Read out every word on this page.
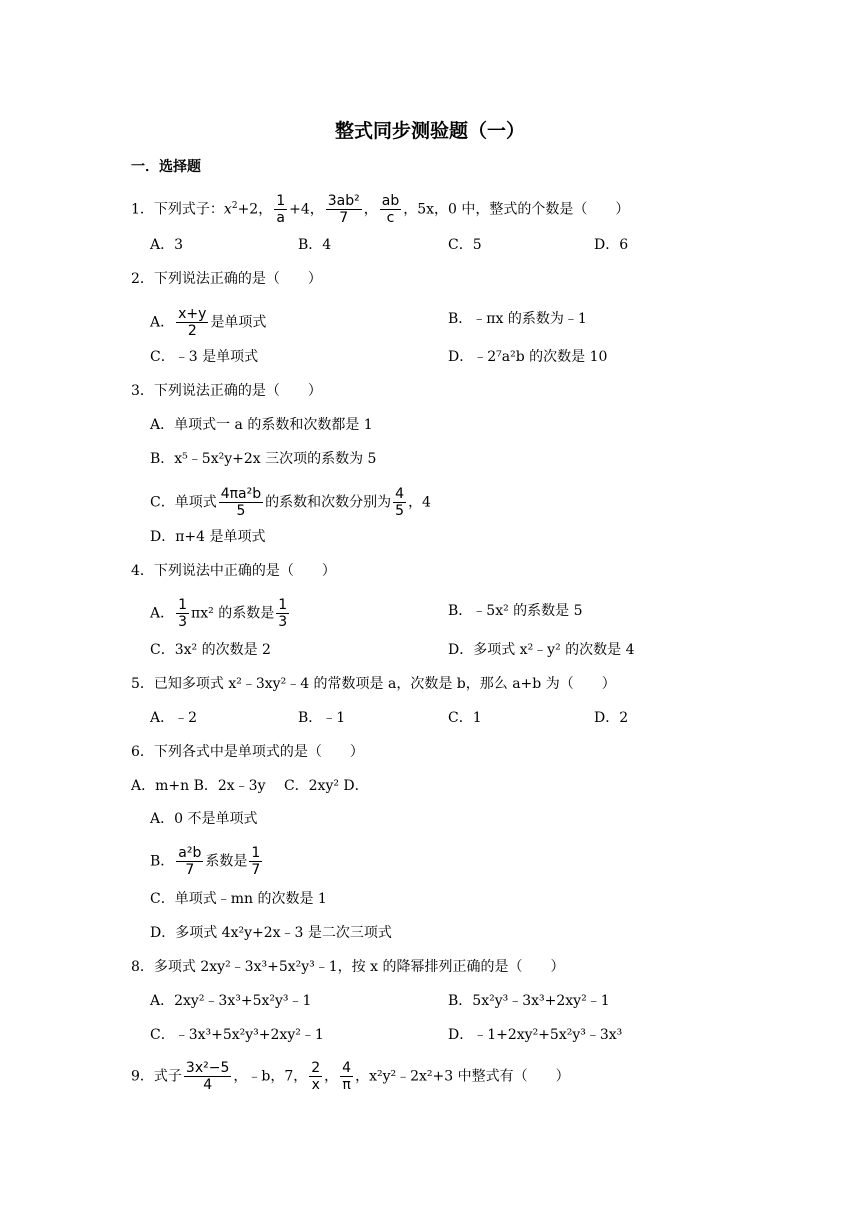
整式同步测验题（一）
一．选择题
1．下列式子：$x^2+2$， $\frac{1}{a} +4$， $\frac{\text{3ab²}}{7}$ ， $\frac{ab}{c}$ ，5x，0 中，整式的个数是（　　）
A．3	B．4	C．5	D．6
2．下列说法正确的是（　　）
A． $\frac{x+y}{2}$ 是单项式	B．﹣πx 的系数为﹣1
C．﹣3 是单项式	D．﹣2⁷a²b 的次数是 10
3．下列说法正确的是（　　）
A．单项式一 a 的系数和次数都是 1
B．x⁵﹣5x²y+2x 三次项的系数为 5
C．单项式 $\frac{\text{4πa²b}}{5}$ 的系数和次数分别为 $\frac{4}{5}$ ，4
D．π+4 是单项式
4．下列说法中正确的是（　　）
A． $\frac{1}{3} \pi x^2$ 的系数是 $\frac{1}{3}$	B．﹣5x² 的系数是 5
C．3x² 的次数是 2	D．多项式 x²﹣y² 的次数是 4
5．已知多项式 x²﹣3xy²﹣4 的常数项是 a，次数是 b，那么 a+b 为（　　）
A．﹣2	B．﹣1	C．1	D．2
6．下列各式中是单项式的是（　　）
A．m+n B．2x﹣3y　 C．2xy² D．
A．0 不是单项式
B． $\frac{\text{a²b}}{7}$ 系数是 $\frac{1}{7}$
C．单项式﹣mn 的次数是 1
D．多项式 4x²y+2x﹣3 是二次三项式
8．多项式 2xy²﹣3x³+5x²y³﹣1，按 x 的降幂排列正确的是（　　）
A．2xy²﹣3x³+5x²y³﹣1	B．5x²y³﹣3x³+2xy²﹣1
C．﹣3x³+5x²y³+2xy²﹣1	D．﹣1+2xy²+5x²y³﹣3x³
9．式子 $\frac{\text{3x²−5}}{4}$ ，﹣b，7， $\frac{2}{x}$ ， $\frac{4}{\pi}$ ，x²y²﹣2x²+3 中整式有（　　）
